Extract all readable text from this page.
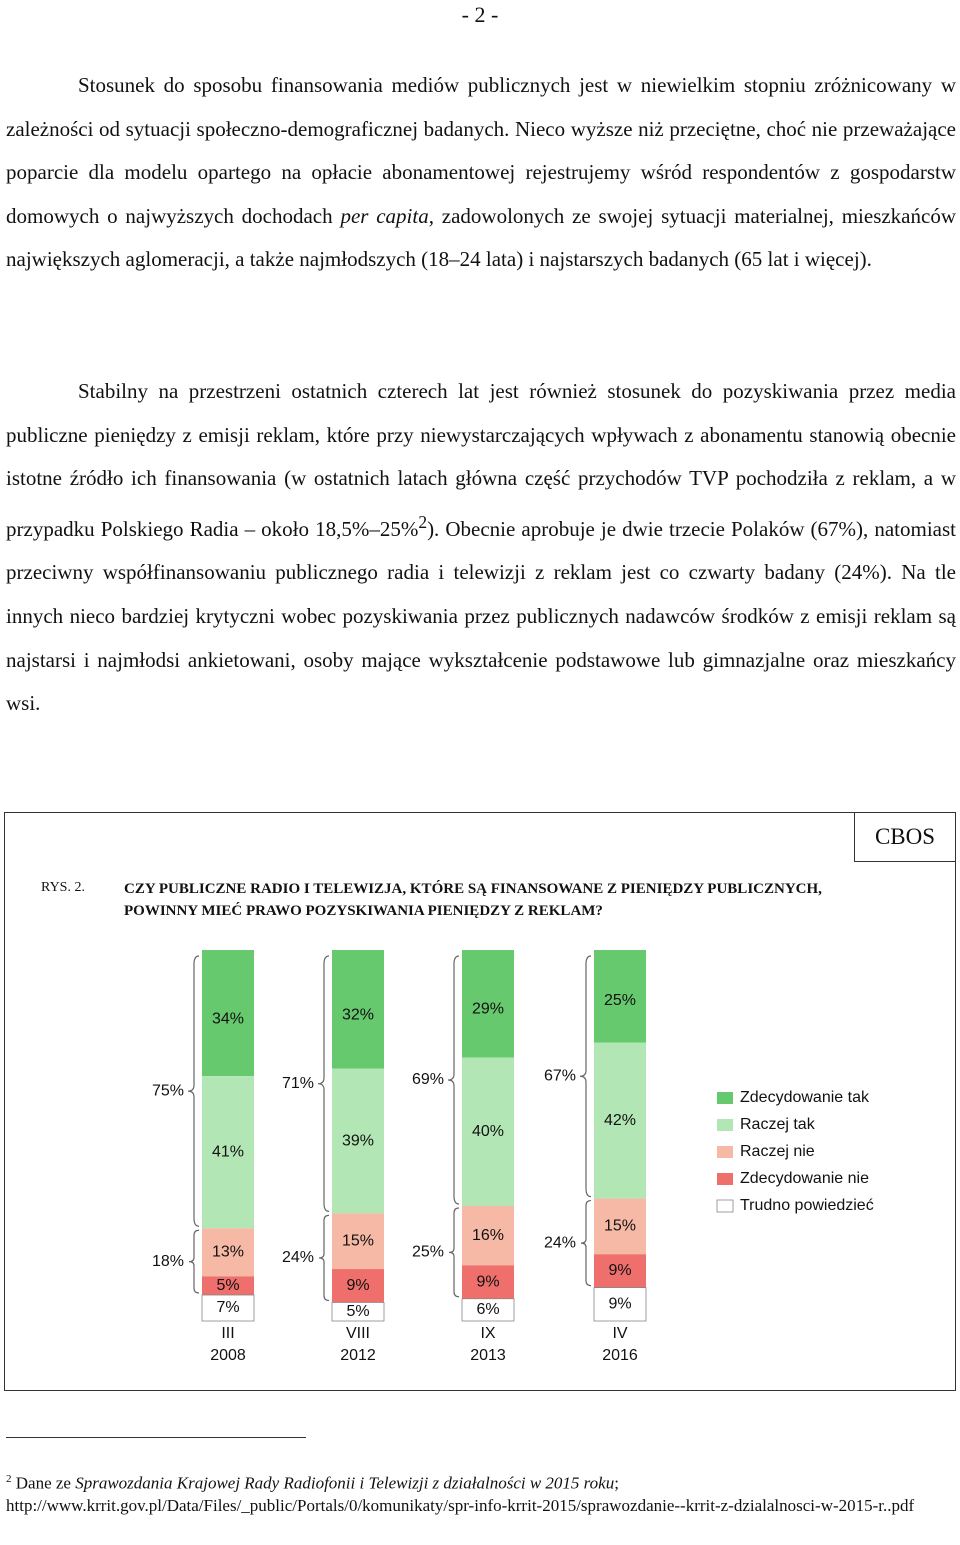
- 2 -

Stosunek do sposobu finansowania mediów publicznych jest w niewielkim stopniu zróżnicowany w zależności od sytuacji społeczno-demograficznej badanych. Nieco wyższe niż przeciętne, choć nie przeważające poparcie dla modelu opartego na opłacie abonamentowej rejestrujemy wśród respondentów z gospodarstw domowych o najwyższych dochodach per capita, zadowolonych ze swojej sytuacji materialnej, mieszkańców największych aglomeracji, a także najmłodszych (18–24 lata) i najstarszych badanych (65 lat i więcej).

Stabilny na przestrzeni ostatnich czterech lat jest również stosunek do pozyskiwania przez media publiczne pieniędzy z emisji reklam, które przy niewystarczających wpływach z abonamentu stanowią obecnie istotne źródło ich finansowania (w ostatnich latach główna część przychodów TVP pochodziła z reklam, a w przypadku Polskiego Radia – około 18,5%–25%$^2$). Obecnie aprobuje je dwie trzecie Polaków (67%), natomiast przeciwny współfinansowaniu publicznego radia i telewizji z reklam jest co czwarty badany (24%). Na tle innych nieco bardziej krytyczni wobec pozyskiwania przez publicznych nadawców środków z emisji reklam są najstarsi i najmłodsi ankietowani, osoby mające wykształcenie podstawowe lub gimnazjalne oraz mieszkańcy wsi.

CBOS
RYS. 2.	CZY PUBLICZNE RADIO I TELEWIZJA, KTÓRE SĄ FINANSOWANE Z PIENIĘDZY PUBLICZNYCH, POWINNY MIEĆ PRAWO POZYSKIWANIA PIENIĘDZY Z REKLAM?
34%
41%
13%
5%
7%
75%
18%
III
2008
32%
39%
15%
9%
5%
71%
24%
VIII
2012
29%
40%
16%
9%
6%
69%
25%
IX
2013
25%
42%
15%
9%
9%
67%
24%
IV
2016
Zdecydowanie tak
Raczej tak
Raczej nie
Zdecydowanie nie
Trudno powiedzieć
$^2$ Dane ze Sprawozdania Krajowej Rady Radiofonii i Telewizji z działalności w 2015 roku; http://www.krrit.gov.pl/Data/Files/_public/Portals/0/komunikaty/spr-info-krrit-2015/sprawozdanie--krrit-z-dzialalnosci-w-2015-r..pdf
